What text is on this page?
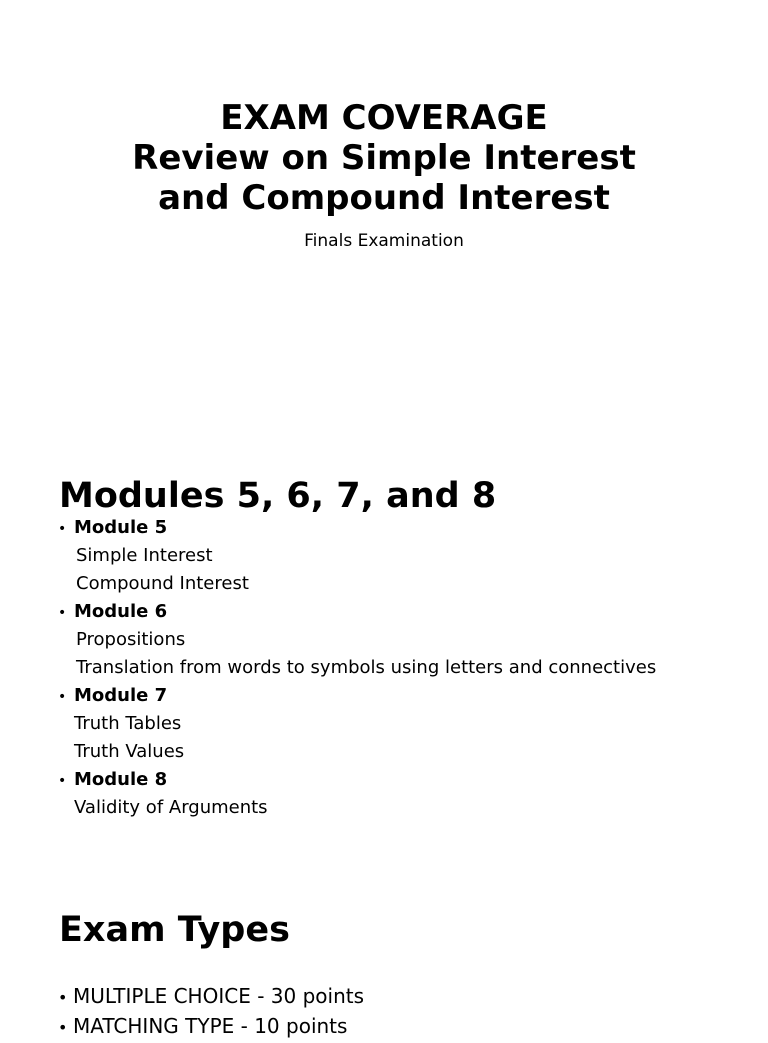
EXAM COVERAGE
Review on Simple Interest
and Compound Interest
Finals Examination
Modules 5, 6, 7, and 8
• Module 5
Simple Interest
Compound Interest
• Module 6
Propositions
Translation from words to symbols using letters and connectives
• Module 7
Truth Tables
Truth Values
• Module 8
Validity of Arguments
Exam Types
• MULTIPLE CHOICE - 30 points
• MATCHING TYPE - 10 points
